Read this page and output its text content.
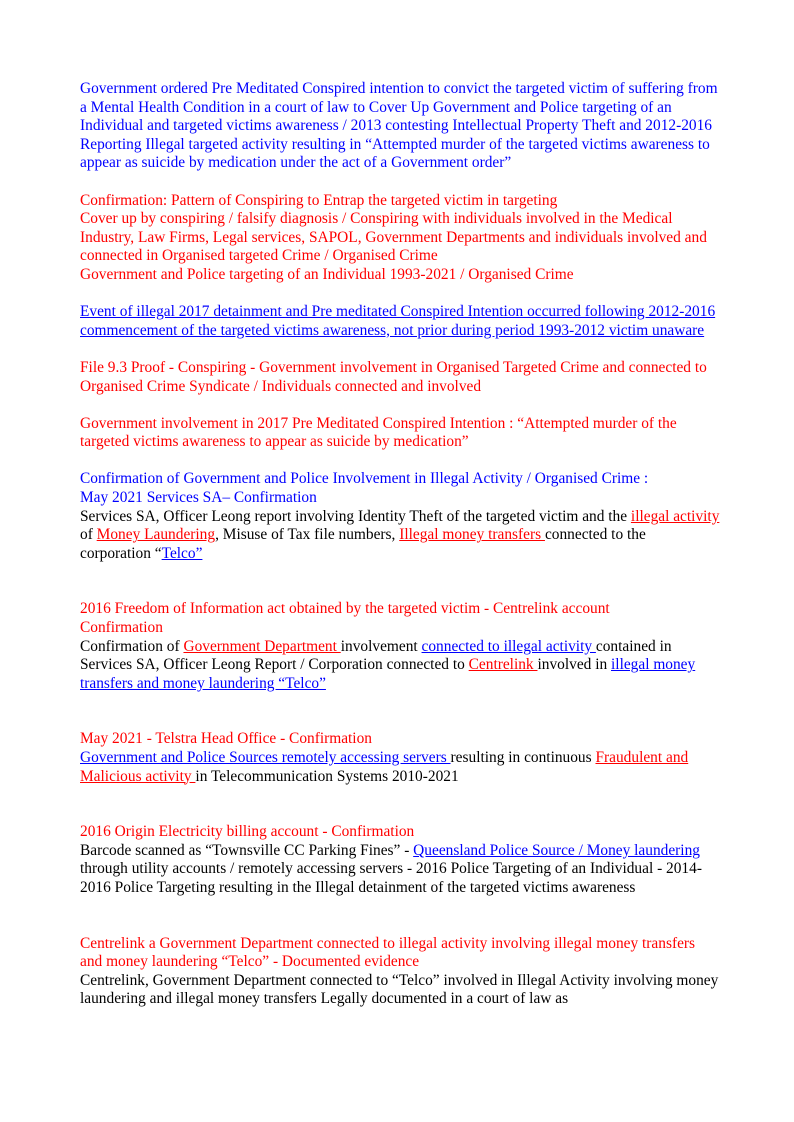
Government ordered Pre Meditated Conspired intention to convict the targeted victim of suffering from a Mental Health Condition in a court of law to Cover Up Government and Police targeting of an Individual and targeted victims awareness / 2013 contesting Intellectual Property Theft and 2012-2016 Reporting Illegal targeted activity resulting in “Attempted murder of the targeted victims awareness to appear as suicide by medication under the act of a Government order”

Confirmation: Pattern of Conspiring to Entrap the targeted victim in targeting

Cover up by conspiring / falsify diagnosis / Conspiring with individuals involved in the Medical Industry, Law Firms, Legal services, SAPOL, Government Departments and individuals involved and connected in Organised targeted Crime / Organised Crime

Government and Police targeting of an Individual 1993-2021 / Organised Crime

Event of illegal 2017 detainment and Pre meditated Conspired Intention occurred following 2012-2016 commencement of the targeted victims awareness, not prior during period 1993-2012 victim unaware

File 9.3 Proof - Conspiring - Government involvement in Organised Targeted Crime and connected to Organised Crime Syndicate / Individuals connected and involved

Government involvement in 2017 Pre Meditated Conspired Intention : “Attempted murder of the targeted victims awareness to appear as suicide by medication”

Confirmation of Government and Police Involvement in Illegal Activity / Organised Crime :

May 2021 Services SA– Confirmation

Services SA, Officer Leong report involving Identity Theft of the targeted victim and the illegal activity of Money Laundering, Misuse of Tax file numbers, Illegal money transfers connected to the corporation “Telco”

2016 Freedom of Information act obtained by the targeted victim - Centrelink account

Confirmation

Confirmation of Government Department involvement connected to illegal activity contained in Services SA, Officer Leong Report / Corporation connected to Centrelink involved in illegal money transfers and money laundering “Telco”

May 2021 - Telstra Head Office - Confirmation

Government and Police Sources remotely accessing servers resulting in continuous Fraudulent and Malicious activity in Telecommunication Systems 2010-2021

2016 Origin Electricity billing account - Confirmation

Barcode scanned as “Townsville CC Parking Fines” - Queensland Police Source / Money laundering through utility accounts / remotely accessing servers - 2016 Police Targeting of an Individual - 2014-2016 Police Targeting resulting in the Illegal detainment of the targeted victims awareness

Centrelink a Government Department connected to illegal activity involving illegal money transfers and money laundering “Telco” - Documented evidence

Centrelink, Government Department connected to “Telco” involved in Illegal Activity involving money laundering and illegal money transfers Legally documented in a court of law as
